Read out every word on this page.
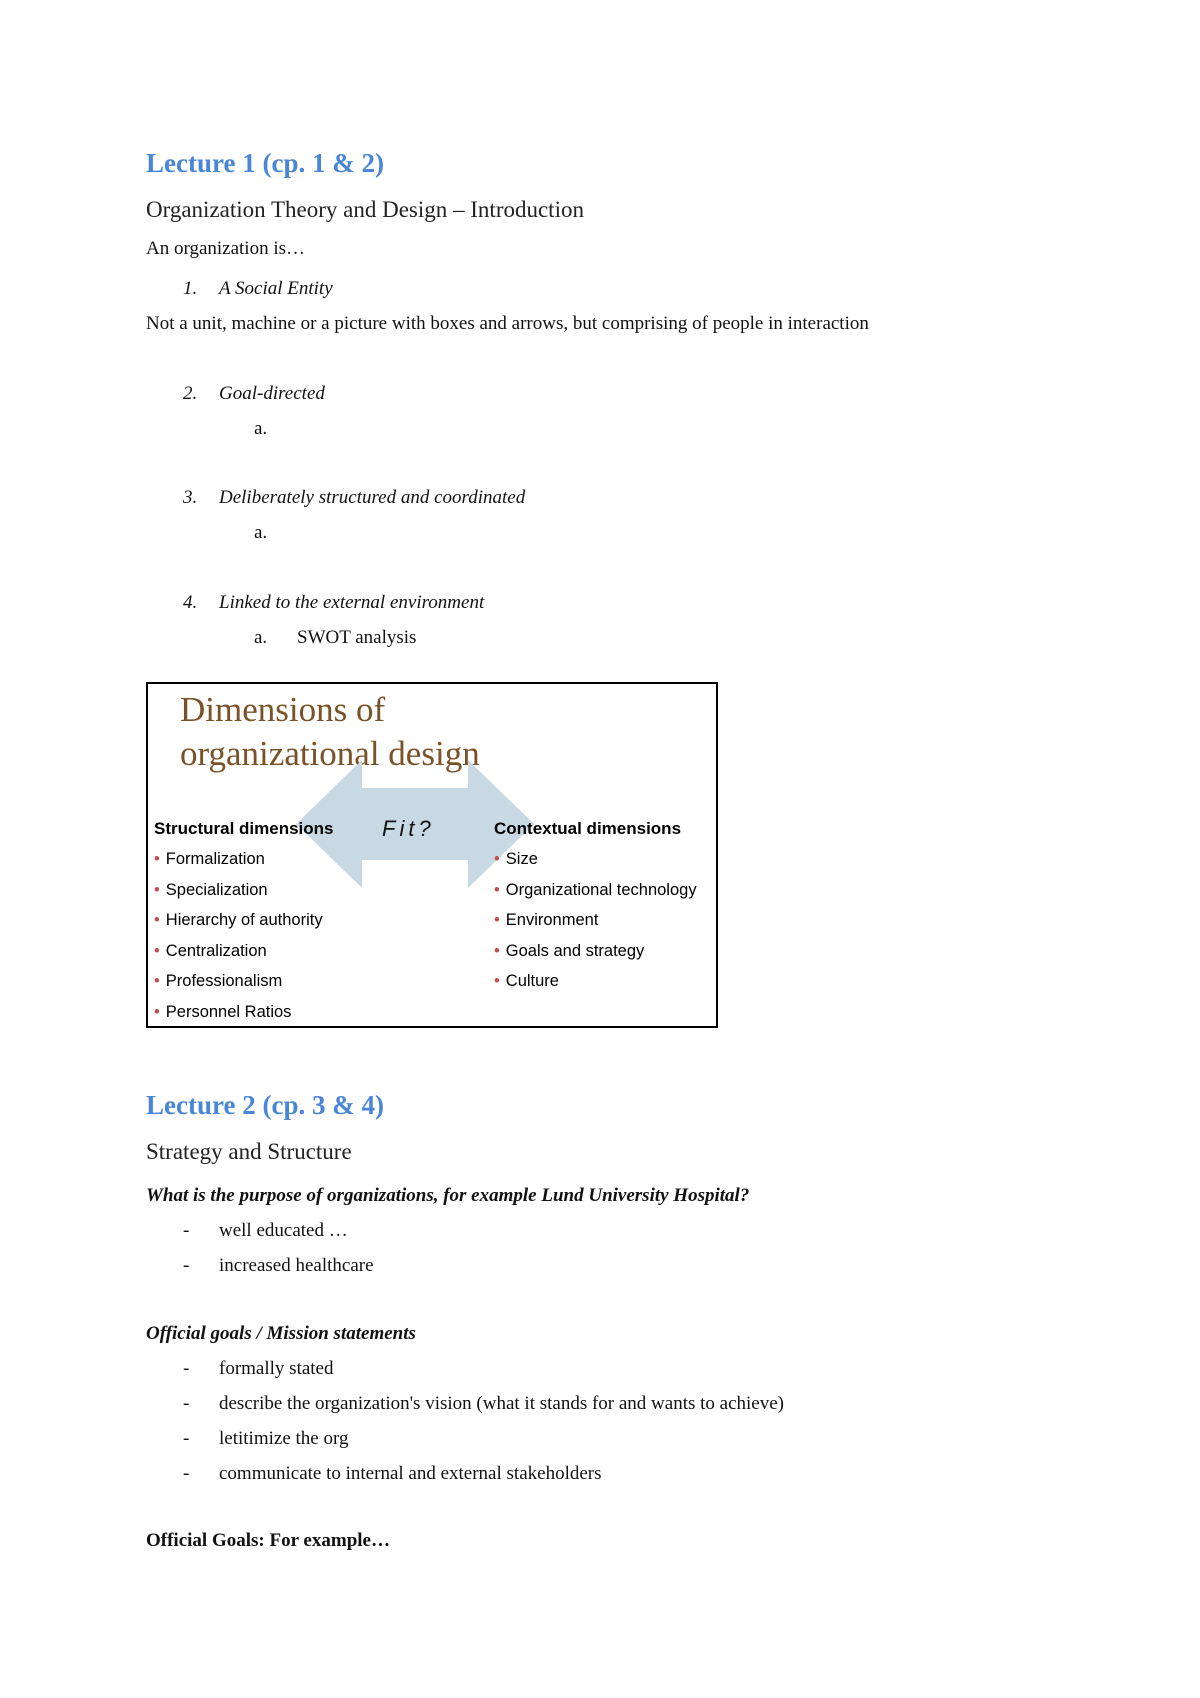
Lecture 1 (cp. 1 & 2)
Organization Theory and Design – Introduction
An organization is…
1. A Social Entity
Not a unit, machine or a picture with boxes and arrows, but comprising of people in interaction
2. Goal-directed
a.
3. Deliberately structured and coordinated
a.
4. Linked to the external environment
a. SWOT analysis
Dimensions of
organizational design
Structural dimensions Fit?	Contextual dimensions
• Formalization
• Specialization
• Hierarchy of authority
• Centralization
• Professionalism
• Personnel Ratios
• Size
• Organizational technology
• Environment
• Goals and strategy
• Culture
Lecture 2 (cp. 3 & 4)
Strategy and Structure
What is the purpose of organizations, for example Lund University Hospital?
- well educated …
- increased healthcare
Official goals / Mission statements
- formally stated
- describe the organization's vision (what it stands for and wants to achieve)
- letitimize the org
- communicate to internal and external stakeholders
Official Goals: For example…
